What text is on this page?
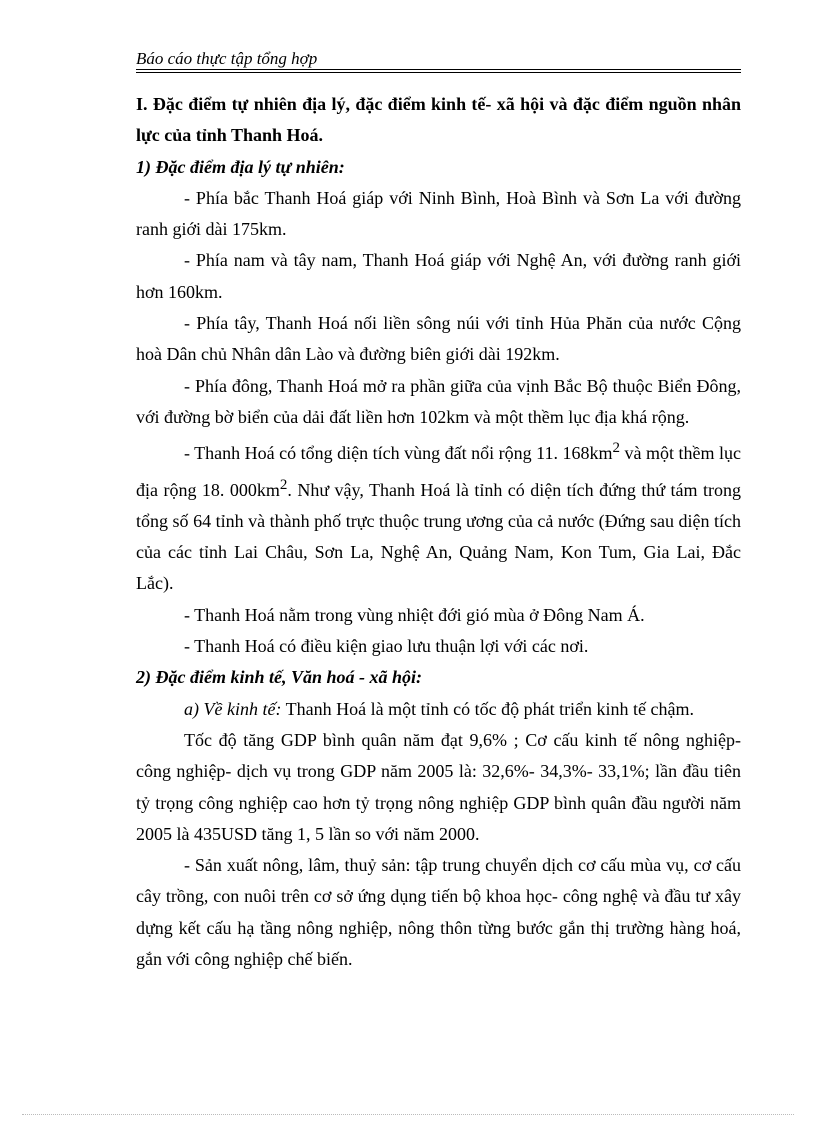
Báo cáo thực tập tổng hợp

I. Đặc điểm tự nhiên địa lý, đặc điểm kinh tế- xã hội và đặc điểm nguồn nhân lực của tỉnh Thanh Hoá.

1) Đặc điểm địa lý tự nhiên:

- Phía bắc Thanh Hoá giáp với Ninh Bình, Hoà Bình và Sơn La với đường ranh giới dài 175km.

- Phía nam và tây nam, Thanh Hoá giáp với Nghệ An, với đường ranh giới hơn 160km.

- Phía tây, Thanh Hoá nối liền sông núi với tỉnh Hủa Phăn của nước Cộng hoà Dân chủ Nhân dân Lào và đường biên giới dài 192km.

- Phía đông, Thanh Hoá mở ra phần giữa của vịnh Bắc Bộ thuộc Biển Đông, với đường bờ biển của dải đất liền hơn 102km và một thềm lục địa khá rộng.

- Thanh Hoá có tổng diện tích vùng đất nổi rộng 11. $168km^2$ và một thềm lục địa rộng 18. $000km^2$. Như vậy, Thanh Hoá là tỉnh có diện tích đứng thứ tám trong tổng số 64 tỉnh và thành phố trực thuộc trung ương của cả nước (Đứng sau diện tích của các tỉnh Lai Châu, Sơn La, Nghệ An, Quảng Nam, Kon Tum, Gia Lai, Đắc Lắc).

- Thanh Hoá nằm trong vùng nhiệt đới gió mùa ở Đông Nam Á.

- Thanh Hoá có điều kiện giao lưu thuận lợi với các nơi.

2) Đặc điểm kinh tế, Văn hoá - xã hội:

a) Về kinh tế: Thanh Hoá là một tỉnh có tốc độ phát triển kinh tế chậm.

Tốc độ tăng GDP bình quân năm đạt 9,6% ; Cơ cấu kinh tế nông nghiệp- công nghiệp- dịch vụ trong GDP năm 2005 là: 32,6%- 34,3%- 33,1%; lần đầu tiên tỷ trọng công nghiệp cao hơn tỷ trọng nông nghiệp GDP bình quân đầu người năm 2005 là 435USD tăng 1, 5 lần so với năm 2000.

- Sản xuất nông, lâm, thuỷ sản: tập trung chuyển dịch cơ cấu mùa vụ, cơ cấu cây trồng, con nuôi trên cơ sở ứng dụng tiến bộ khoa học- công nghệ và đầu tư xây dựng kết cấu hạ tầng nông nghiệp, nông thôn từng bước gắn thị trường hàng hoá, gắn với công nghiệp chế biến.
